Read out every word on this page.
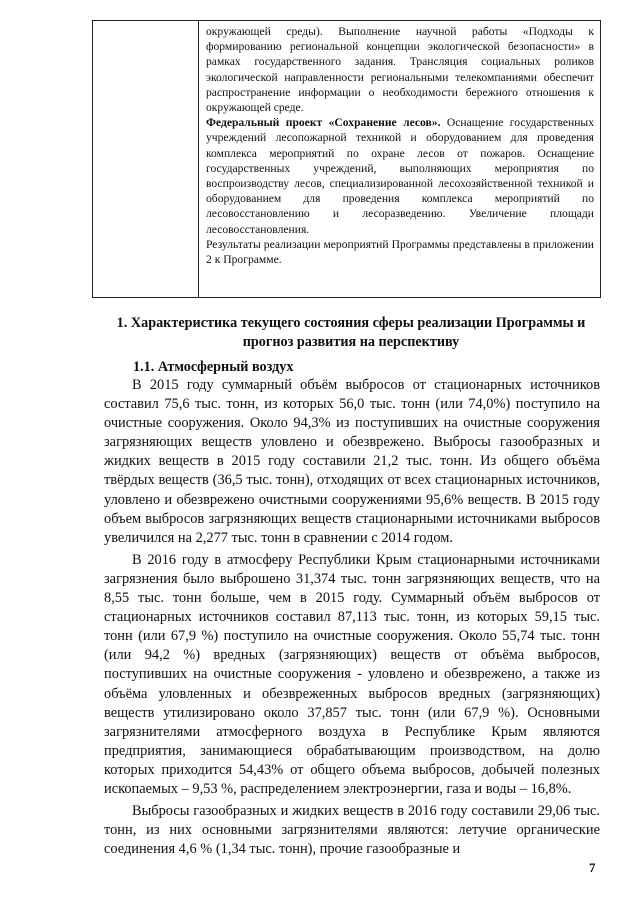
окружающей среды). Выполнение научной работы «Подходы к формированию региональной концепции экологической безопасности» в рамках государственного задания. Трансляция социальных роликов экологической направленности региональными телекомпаниями обеспечит распространение информации о необходимости бережного отношения к окружающей среде.

Федеральный проект «Сохранение лесов». Оснащение государственных учреждений лесопожарной техникой и оборудованием для проведения комплекса мероприятий по охране лесов от пожаров. Оснащение государственных учреждений, выполняющих мероприятия по воспроизводству лесов, специализированной лесохозяйственной техникой и оборудованием для проведения комплекса мероприятий по лесовосстановлению и лесоразведению. Увеличение площади лесовосстановления.

Результаты реализации мероприятий Программы представлены в приложении 2 к Программе.

1. Характеристика текущего состояния сферы реализации Программы и прогноз развития на перспективу
1.1. Атмосферный воздух

В 2015 году суммарный объём выбросов от стационарных источников составил 75,6 тыс. тонн, из которых 56,0 тыс. тонн (или 74,0%) поступило на очистные сооружения. Около 94,3% из поступивших на очистные сооружения загрязняющих веществ уловлено и обезврежено. Выбросы газообразных и жидких веществ в 2015 году составили 21,2 тыс. тонн. Из общего объёма твёрдых веществ (36,5 тыс. тонн), отходящих от всех стационарных источников, уловлено и обезврежено очистными сооружениями 95,6% веществ. В 2015 году объем выбросов загрязняющих веществ стационарными источниками выбросов увеличился на 2,277 тыс. тонн в сравнении с 2014 годом.

В 2016 году в атмосферу Республики Крым стационарными источниками загрязнения было выброшено 31,374 тыс. тонн загрязняющих веществ, что на 8,55 тыс. тонн больше, чем в 2015 году. Суммарный объём выбросов от стационарных источников составил 87,113 тыс. тонн, из которых 59,15 тыс. тонн (или 67,9 %) поступило на очистные сооружения. Около 55,74 тыс. тонн (или 94,2 %) вредных (загрязняющих) веществ от объёма выбросов, поступивших на очистные сооружения - уловлено и обезврежено, а также из объёма уловленных и обезвреженных выбросов вредных (загрязняющих) веществ утилизировано около 37,857 тыс. тонн (или 67,9 %). Основными загрязнителями атмосферного воздуха в Республике Крым являются предприятия, занимающиеся обрабатывающим производством, на долю которых приходится 54,43% от общего объема выбросов, добычей полезных ископаемых – 9,53 %, распределением электроэнергии, газа и воды – 16,8%.

Выбросы газообразных и жидких веществ в 2016 году составили 29,06 тыс. тонн, из них основными загрязнителями являются: летучие органические соединения 4,6 % (1,34 тыс. тонн), прочие газообразные и

7
